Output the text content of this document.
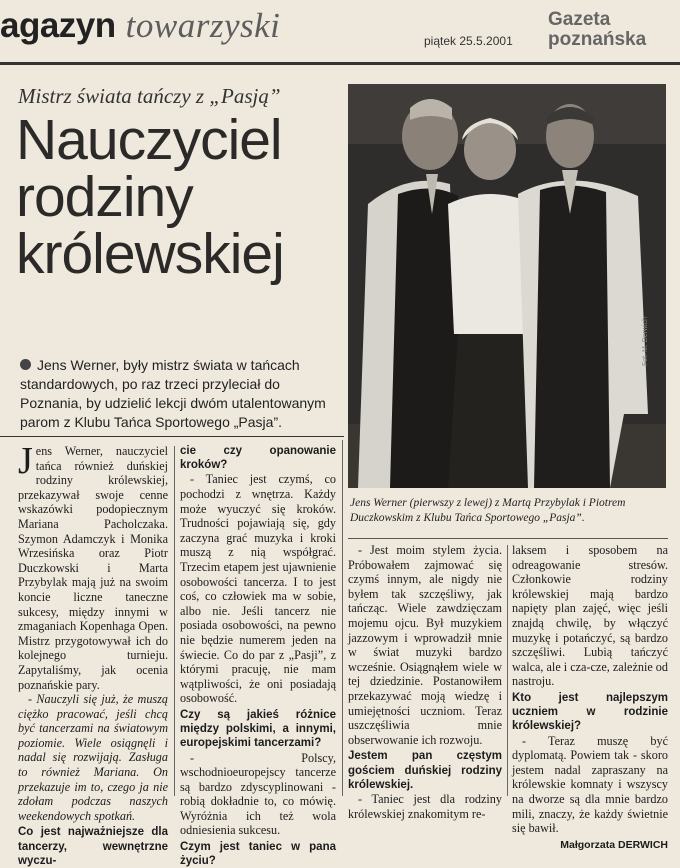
agazyn towarzyski	piątek 25.5.2001
Gazeta
poznańska
Mistrz świata tańczy z „Pasją”
Nauczyciel
rodziny
królewskiej
Jens Werner, były mistrz świata w tańcach standardowych, po raz trzeci przyleciał do Poznania, by udzielić lekcji dwóm utalentowanym parom z Klubu Tańca Sportowego „Pasja”.
Fot. M. Derwich
Jens Werner (pierwszy z lewej) z Martą Przybylak i Piotrem Duczkowskim z Klubu Tańca Sportowego „Pasja”.

Jens Werner, nauczyciel tańca również duńskiej rodziny królewskiej, przekazywał swoje cenne wskazówki podopiecznym Mariana Pacholczaka. Szymon Adamczyk i Monika Wrzesińska oraz Piotr Duczkowski i Marta Przybylak mają już na swoim koncie liczne taneczne sukcesy, między innymi w zmaganiach Kopenhaga Open. Mistrz przygotowywał ich do kolejnego turnieju. Zapytaliśmy, jak ocenia poznańskie pary.

- Nauczyli się już, że muszą ciężko pracować, jeśli chcą być tancerzami na światowym poziomie. Wiele osiągnęli i nadal się rozwijają. Zasługa to również Mariana. On przekazuje im to, czego ja nie zdołam podczas naszych weekendowych spotkań.

Co jest najważniejsze dla tancerzy, wewnętrzne wyczu-

cie czy opanowanie kroków?

- Taniec jest czymś, co pochodzi z wnętrza. Każdy może wyuczyć się kroków. Trudności pojawiają się, gdy zaczyna grać muzyka i kroki muszą z nią współgrać. Trzecim etapem jest ujawnienie osobowości tancerza. I to jest coś, co człowiek ma w sobie, albo nie. Jeśli tancerz nie posiada osobowości, na pewno nie będzie numerem jeden na świecie. Co do par z „Pasji”, z którymi pracuję, nie mam wątpliwości, że oni posiadają osobowość.

Czy są jakieś różnice między polskimi, a innymi, europejskimi tancerzami?

- Polscy, wschodnioeuropejscy tancerze są bardzo zdyscyplinowani - robią dokładnie to, co mówię. Wyróżnia ich też wola odniesienia sukcesu.

Czym jest taniec w pana życiu?

- Jest moim stylem życia. Próbowałem zajmować się czymś innym, ale nigdy nie byłem tak szczęśliwy, jak tańcząc. Wiele zawdzięczam mojemu ojcu. Był muzykiem jazzowym i wprowadził mnie w świat muzyki bardzo wcześnie. Osiągnąłem wiele w tej dziedzinie. Postanowiłem przekazywać moją wiedzę i umiejętności uczniom. Teraz uszczęśliwia mnie obserwowanie ich rozwoju.

Jestem pan częstym gościem duńskiej rodziny królewskiej.

- Taniec jest dla rodziny królewskiej znakomitym re-

laksem i sposobem na odreagowanie stresów. Członkowie rodziny królewskiej mają bardzo napięty plan zajęć, więc jeśli znajdą chwilę, by włączyć muzykę i potańczyć, są bardzo szczęśliwi. Lubią tańczyć walca, ale i cza-cze, zależnie od nastroju.

Kto jest najlepszym uczniem w rodzinie królewskiej?

- Teraz muszę być dyplomatą. Powiem tak - skoro jestem nadal zapraszany na królewskie komnaty i wszyscy na dworze są dla mnie bardzo mili, znaczy, że każdy świetnie się bawił.

Małgorzata DERWICH
